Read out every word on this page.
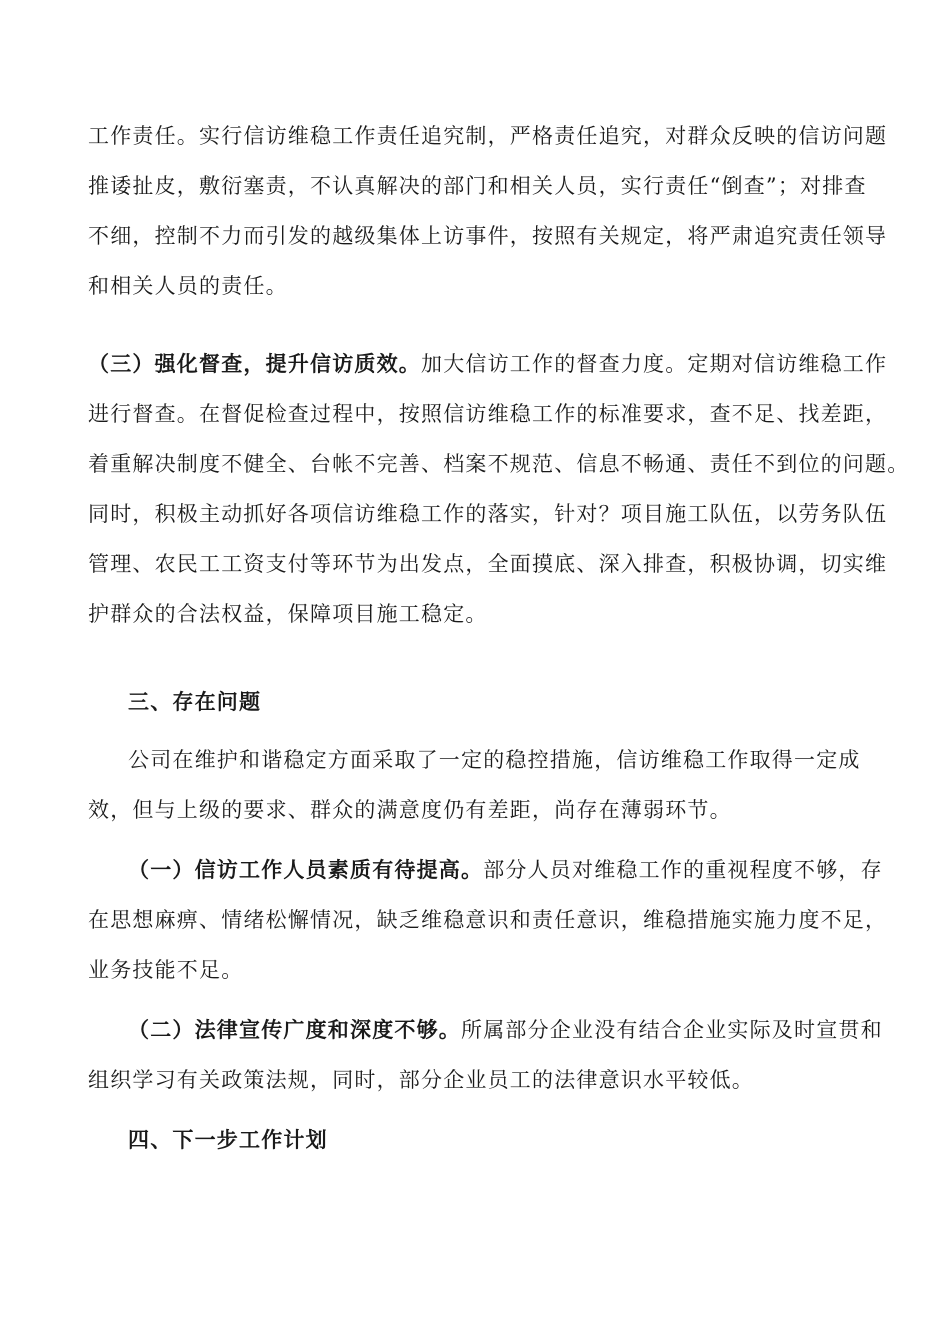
工作责任。实行信访维稳工作责任追究制，严格责任追究，对群众反映的信访问题
推诿扯皮，敷衍塞责，不认真解决的部门和相关人员，实行责任“倒查”；对排查
不细，控制不力而引发的越级集体上访事件，按照有关规定，将严肃追究责任领导
和相关人员的责任。
（三）强化督查，提升信访质效。加大信访工作的督查力度。定期对信访维稳工作
进行督查。在督促检查过程中，按照信访维稳工作的标准要求，查不足、找差距，
着重解决制度不健全、台帐不完善、档案不规范、信息不畅通、责任不到位的问题。
同时，积极主动抓好各项信访维稳工作的落实，针对？项目施工队伍，以劳务队伍
管理、农民工工资支付等环节为出发点，全面摸底、深入排查，积极协调，切实维
护群众的合法权益，保障项目施工稳定。
三、存在问题
公司在维护和谐稳定方面采取了一定的稳控措施，信访维稳工作取得一定成
效，但与上级的要求、群众的满意度仍有差距，尚存在薄弱环节。
（一）信访工作人员素质有待提高。部分人员对维稳工作的重视程度不够，存
在思想麻痹、情绪松懈情况，缺乏维稳意识和责任意识，维稳措施实施力度不足，
业务技能不足。
（二）法律宣传广度和深度不够。所属部分企业没有结合企业实际及时宣贯和
组织学习有关政策法规，同时，部分企业员工的法律意识水平较低。
四、下一步工作计划
